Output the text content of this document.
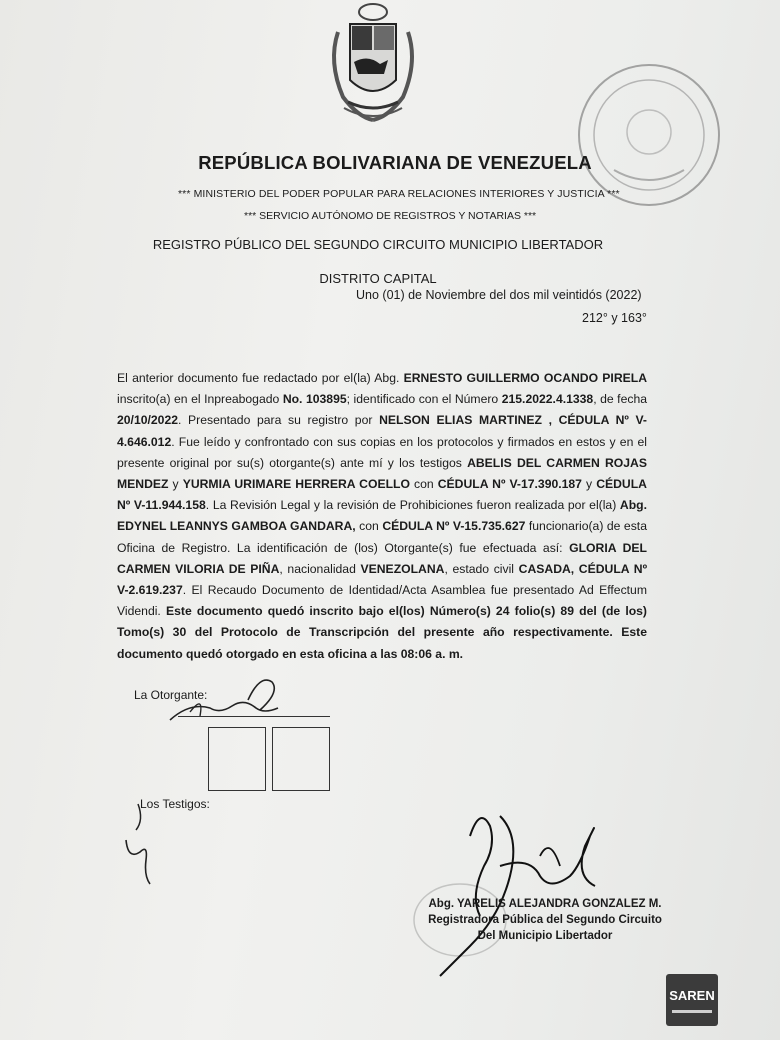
REPÚBLICA BOLIVARIANA DE VENEZUELA
*** MINISTERIO DEL PODER POPULAR PARA RELACIONES INTERIORES Y JUSTICIA ***
*** SERVICIO AUTÓNOMO DE REGISTROS Y NOTARIAS ***
REGISTRO PÚBLICO DEL SEGUNDO CIRCUITO MUNICIPIO LIBERTADOR DISTRITO CAPITAL
Uno (01) de Noviembre del dos mil veintidós (2022)
212° y 163°
El anterior documento fue redactado por el(la) Abg. ERNESTO GUILLERMO OCANDO PIRELA inscrito(a) en el Inpreabogado No. 103895; identificado con el Número 215.2022.4.1338, de fecha 20/10/2022. Presentado para su registro por NELSON ELIAS MARTINEZ , CÉDULA Nº V-4.646.012. Fue leído y confrontado con sus copias en los protocolos y firmados en estos y en el presente original por su(s) otorgante(s) ante mí y los testigos ABELIS DEL CARMEN ROJAS MENDEZ y YURMIA URIMARE HERRERA COELLO con CÉDULA Nº V-17.390.187 y CÉDULA Nº V-11.944.158. La Revisión Legal y la revisión de Prohibiciones fueron realizada por el(la) Abg. EDYNEL LEANNYS GAMBOA GANDARA, con CÉDULA Nº V-15.735.627 funcionario(a) de esta Oficina de Registro. La identificación de (los) Otorgante(s) fue efectuada así: GLORIA DEL CARMEN VILORIA DE PIÑA, nacionalidad VENEZOLANA, estado civil CASADA, CÉDULA Nº V-2.619.237. El Recaudo Documento de Identidad/Acta Asamblea fue presentado Ad Effectum Videndi. Este documento quedó inscrito bajo el(los) Número(s) 24 folio(s) 89 del (de los) Tomo(s) 30 del Protocolo de Transcripción del presente año respectivamente. Este documento quedó otorgado en esta oficina a las 08:06 a. m.
La Otorgante:
Los Testigos:
Abg. YARELIS ALEJANDRA GONZALEZ M.
Registradora Pública del Segundo Circuito
Del Municipio Libertador
SAREN
